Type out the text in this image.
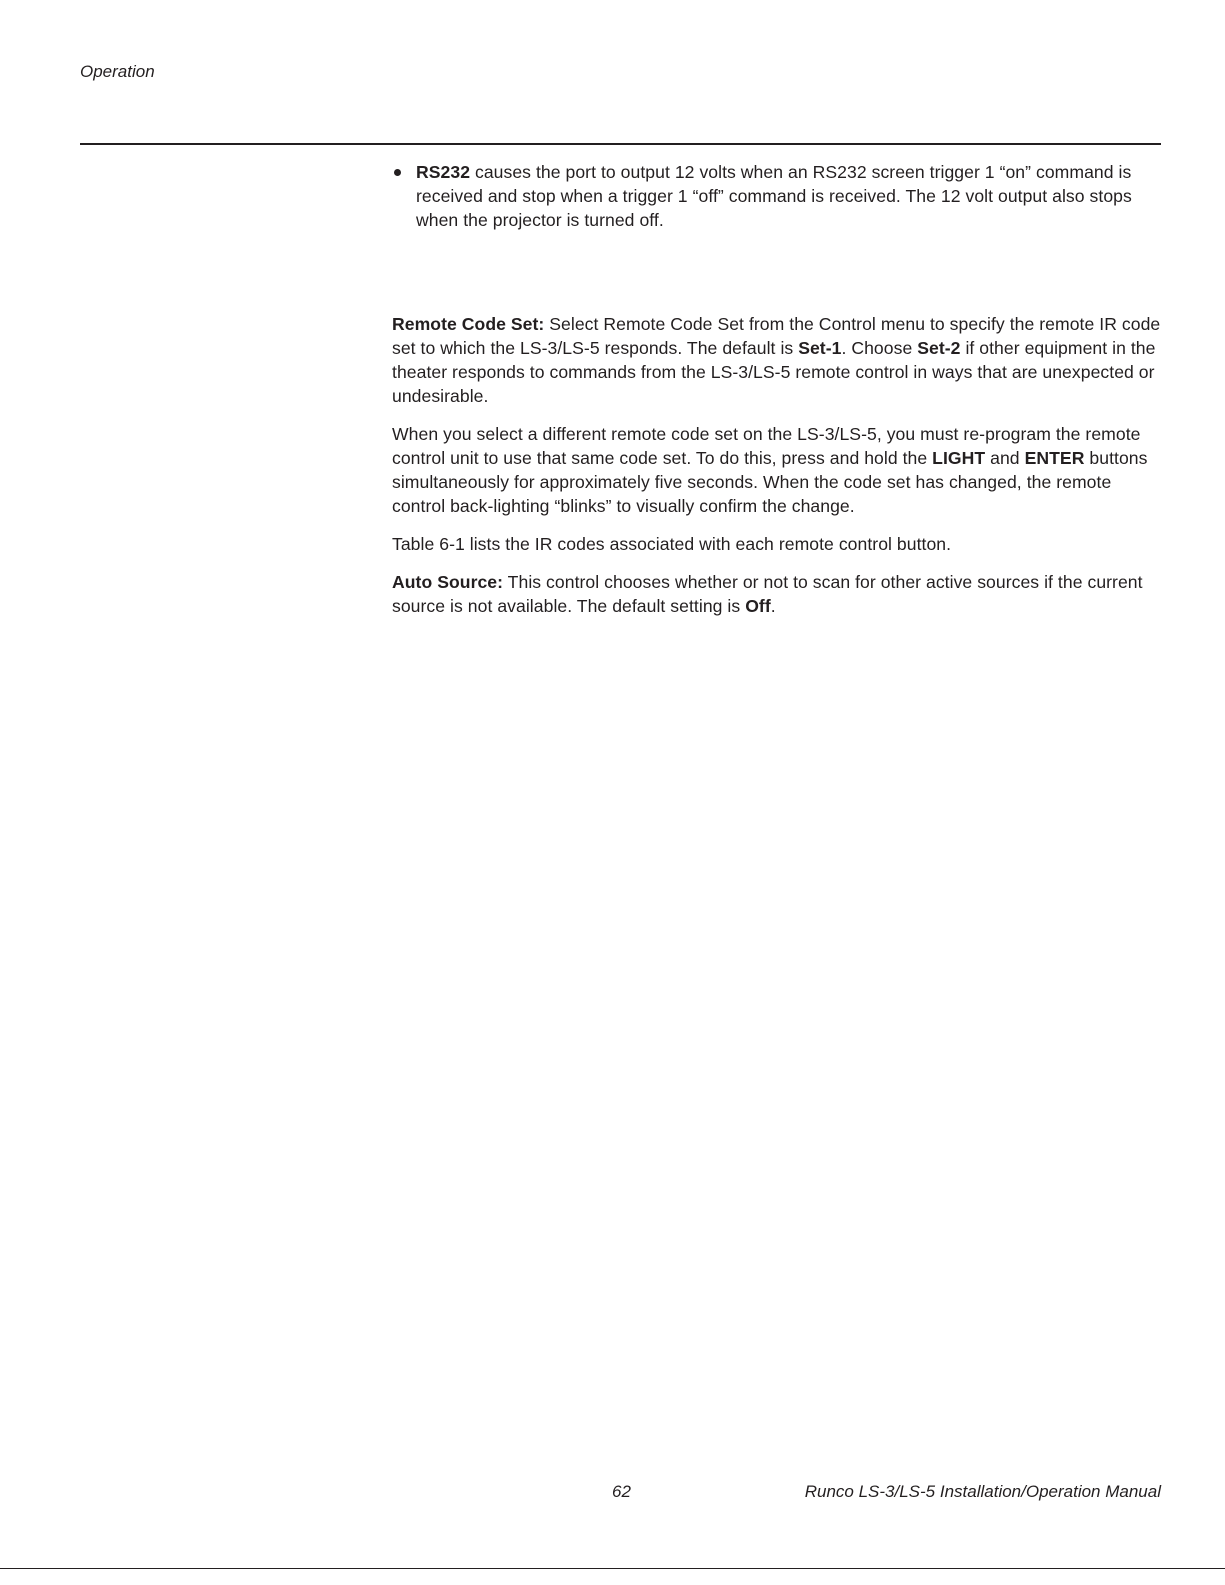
Operation
RS232 causes the port to output 12 volts when an RS232 screen trigger 1 “on” command is received and stop when a trigger 1 “off” command is received. The 12 volt output also stops when the projector is turned off.

Remote Code Set: Select Remote Code Set from the Control menu to specify the remote IR code set to which the LS-3/LS-5 responds. The default is Set-1. Choose Set-2 if other equipment in the theater responds to commands from the LS-3/LS-5 remote control in ways that are unexpected or undesirable.

When you select a different remote code set on the LS-3/LS-5, you must re-program the remote control unit to use that same code set. To do this, press and hold the LIGHT and ENTER buttons simultaneously for approximately five seconds. When the code set has changed, the remote control back-lighting “blinks” to visually confirm the change.

Table 6-1 lists the IR codes associated with each remote control button.

Auto Source: This control chooses whether or not to scan for other active sources if the current source is not available. The default setting is Off.

62	Runco LS-3/LS-5 Installation/Operation Manual
